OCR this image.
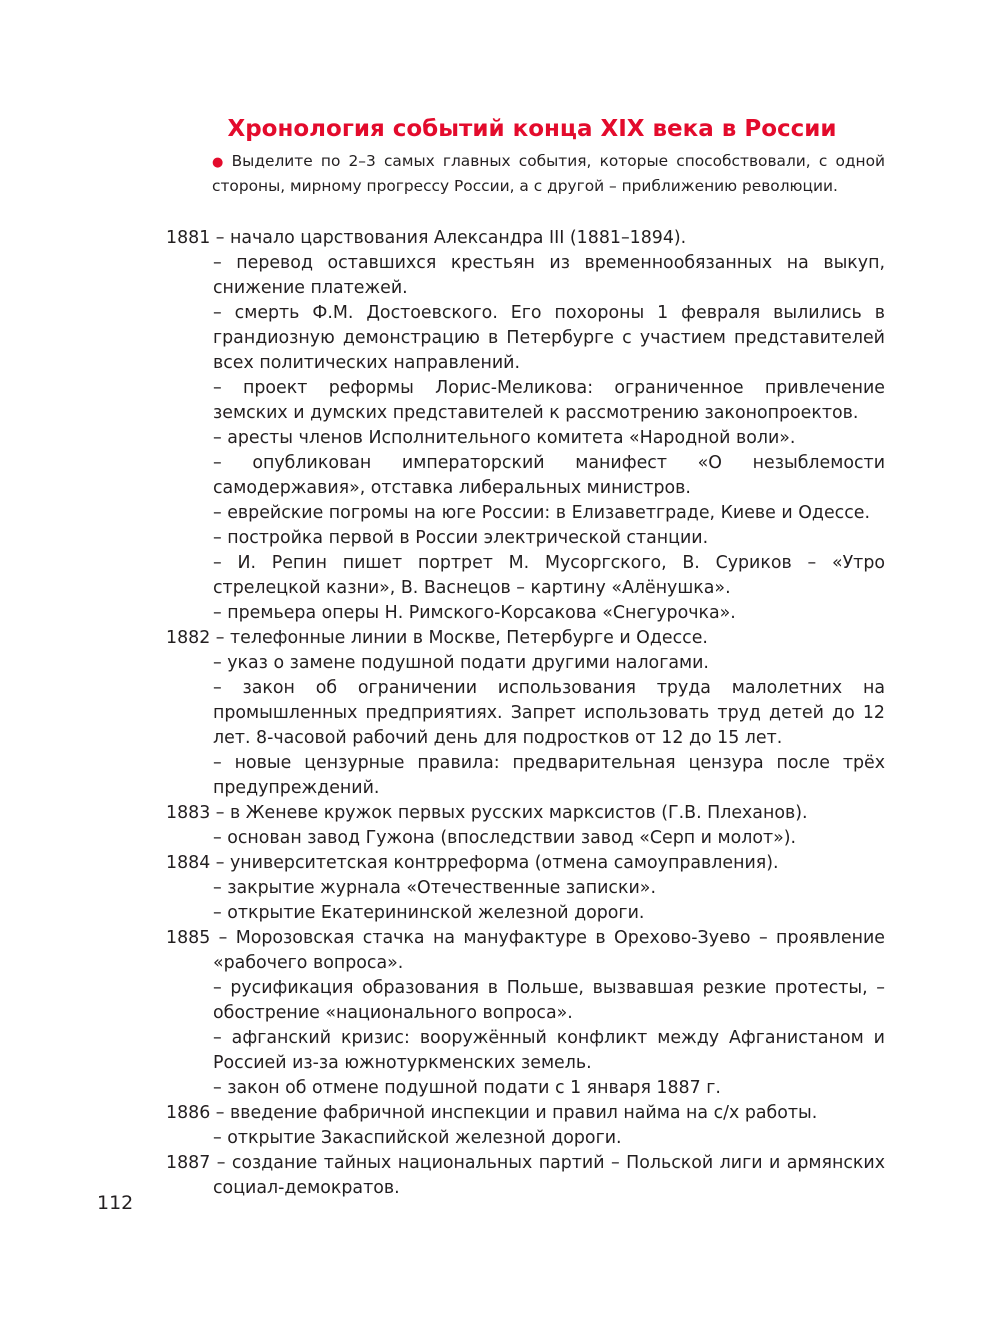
Хронология событий конца XIX века в России
● Выделите по 2–3 самых главных события, которые способствовали, с одной стороны, мирному прогрессу России, а с другой – приближению революции.
1881 – начало царствования Александра III (1881–1894).
– перевод оставшихся крестьян из временнообязанных на выкуп, снижение платежей.
– смерть Ф.М. Достоевского. Его похороны 1 февраля вылились в грандиозную демонстрацию в Петербурге с участием представителей всех политических направлений.
– проект реформы Лорис-Меликова: ограниченное привлечение земских и думских представителей к рассмотрению законопроектов.
– аресты членов Исполнительного комитета «Народной воли».
– опубликован императорский манифест «О незыблемости самодержавия», отставка либеральных министров.
– еврейские погромы на юге России: в Елизаветграде, Киеве и Одессе.
– постройка первой в России электрической станции.
– И. Репин пишет портрет М. Мусоргского, В. Суриков – «Утро стрелецкой казни», В. Васнецов – картину «Алёнушка».
– премьера оперы Н. Римского-Корсакова «Снегурочка».
1882 – телефонные линии в Москве, Петербурге и Одессе.
– указ о замене подушной подати другими налогами.
– закон об ограничении использования труда малолетних на промышленных предприятиях. Запрет использовать труд детей до 12 лет. 8-часовой рабочий день для подростков от 12 до 15 лет.
– новые цензурные правила: предварительная цензура после трёх предупреждений.
1883 – в Женеве кружок первых русских марксистов (Г.В. Плеханов).
– основан завод Гужона (впоследствии завод «Серп и молот»).
1884 – университетская контрреформа (отмена самоуправления).
– закрытие журнала «Отечественные записки».
– открытие Екатерининской железной дороги.
1885 – Морозовская стачка на мануфактуре в Орехово-Зуево – проявление «рабочего вопроса».
– русификация образования в Польше, вызвавшая резкие протесты, – обострение «национального вопроса».
– афганский кризис: вооружённый конфликт между Афганистаном и Россией из-за южнотуркменских земель.
– закон об отмене подушной подати с 1 января 1887 г.
1886 – введение фабричной инспекции и правил найма на с/х работы.
– открытие Закаспийской железной дороги.
1887 – создание тайных национальных партий – Польской лиги и армянских социал-демократов.
112
